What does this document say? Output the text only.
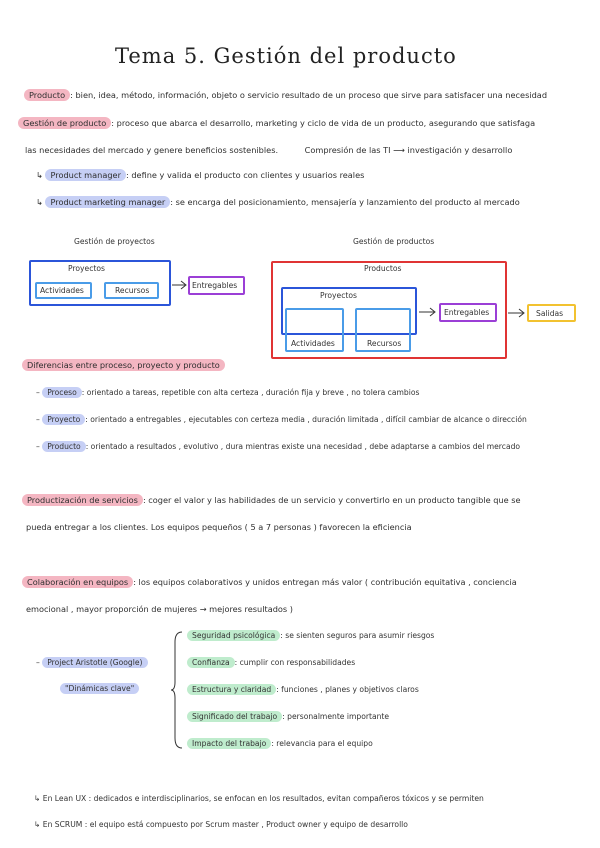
Tema 5. Gestión del producto
Producto : bien, idea, método, información, objeto o servicio resultado de un proceso que sirve para satisfacer una necesidad
Gestión de producto : proceso que abarca el desarrollo, marketing y ciclo de vida de un producto, asegurando que satisfaga
las necesidades del mercado y genere beneficios sostenibles.	Compresión de las TI ⟶ investigación y desarrollo
↳ Product manager : define y valida el producto con clientes y usuarios reales
↳ Product marketing manager : se encarga del posicionamiento, mensajería y lanzamiento del producto al mercado
Gestión de proyectos
Proyectos
Actividades	Recursos
Entregables
Gestión de productos
Productos
Proyectos
Actividades	Recursos
Entregables	Salidas
Diferencias entre proceso, proyecto y producto
– Proceso : orientado a tareas, repetible con alta certeza , duración fija y breve , no tolera cambios
– Proyecto : orientado a entregables , ejecutables con certeza media , duración limitada , difícil cambiar de alcance o dirección
– Producto : orientado a resultados , evolutivo , dura mientras existe una necesidad , debe adaptarse a cambios del mercado
Productización de servicios : coger el valor y las habilidades de un servicio y convertirlo en un producto tangible que se
pueda entregar a los clientes. Los equipos pequeños ( 5 a 7 personas ) favorecen la eficiencia
Colaboración en equipos : los equipos colaborativos y unidos entregan más valor ( contribución equitativa , conciencia
emocional , mayor proporción de mujeres → mejores resultados )
– Project Aristotle (Google)
"Dinámicas clave"
Seguridad psicológica : se sienten seguros para asumir riesgos
Confianza : cumplir con responsabilidades
Estructura y claridad : funciones , planes y objetivos claros
Significado del trabajo : personalmente importante
Impacto del trabajo : relevancia para el equipo
↳ En Lean UX : dedicados e interdisciplinarios, se enfocan en los resultados, evitan compañeros tóxicos y se permiten
↳ En SCRUM : el equipo está compuesto por Scrum master , Product owner y equipo de desarrollo
